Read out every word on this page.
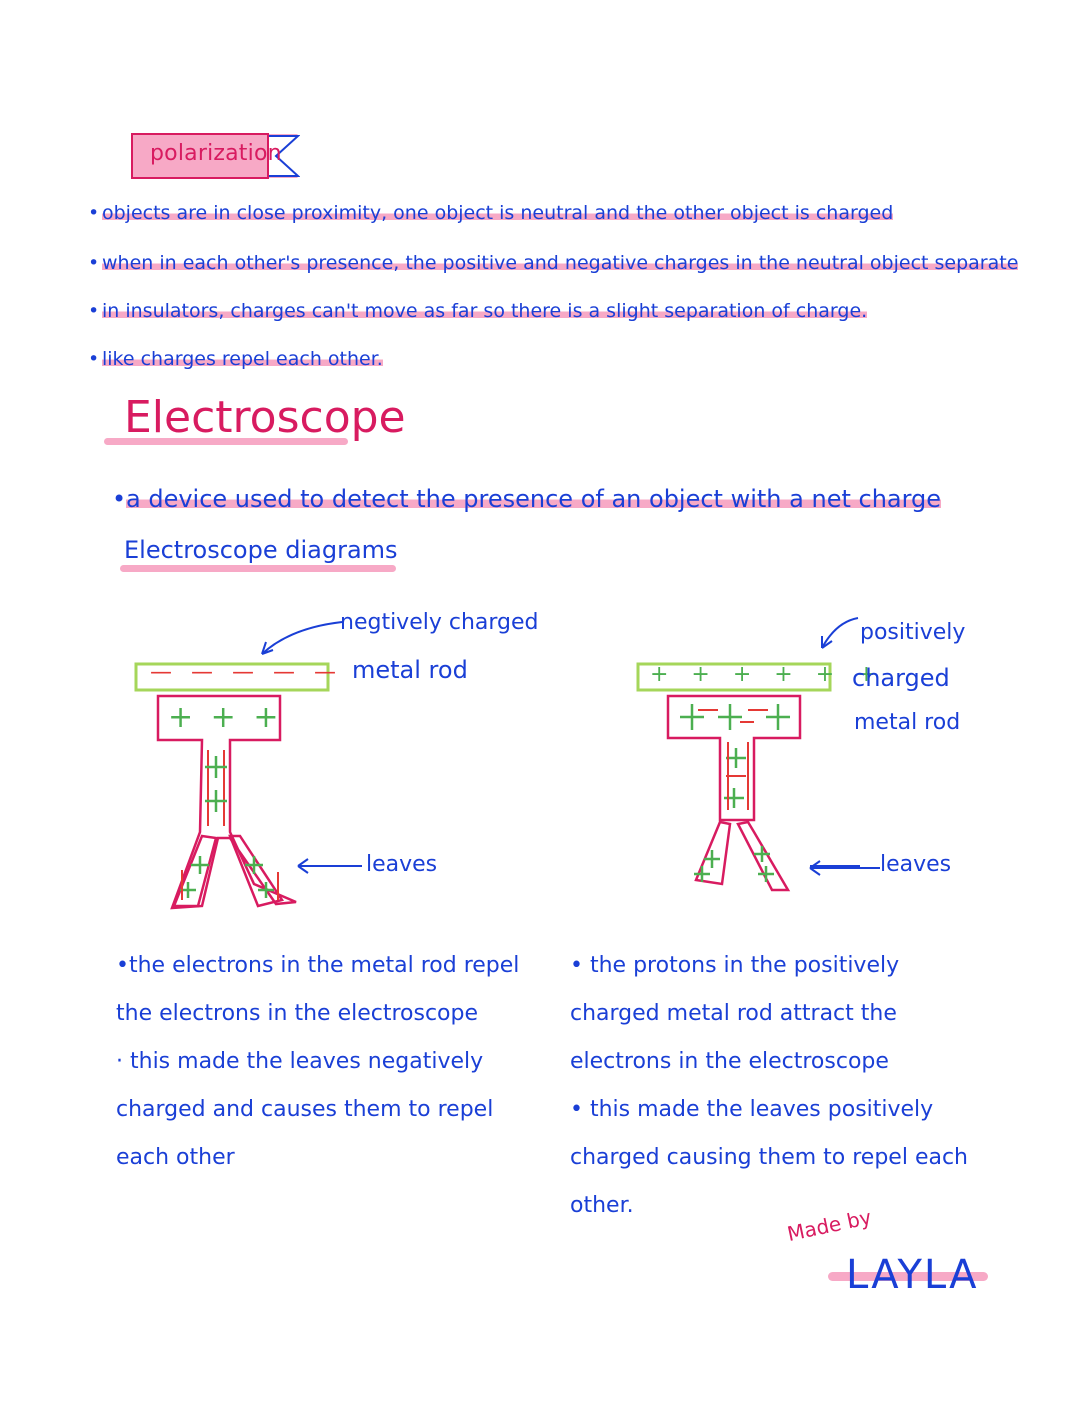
polarization
• objects are in close proximity, one object is neutral and the other object is charged
• when in each other's presence, the positive and negative charges in the neutral object separate
• in insulators, charges can't move as far so there is a slight separation of charge.
• like charges repel each other.
Electroscope
•a device used to detect the presence of an object with a net charge
Electroscope diagrams
— — — — —
+ + +
negtively charged
metal rod
leaves
+ + + + + +
positively
charged
metal rod
leaves

•the electrons in the metal rod repel the electrons in the electroscope

· this made the leaves negatively charged and causes them to repel each other

• the protons in the positively charged metal rod attract the electrons in the electroscope

• this made the leaves positively charged causing them to repel each other.	Made by
LAYLA
